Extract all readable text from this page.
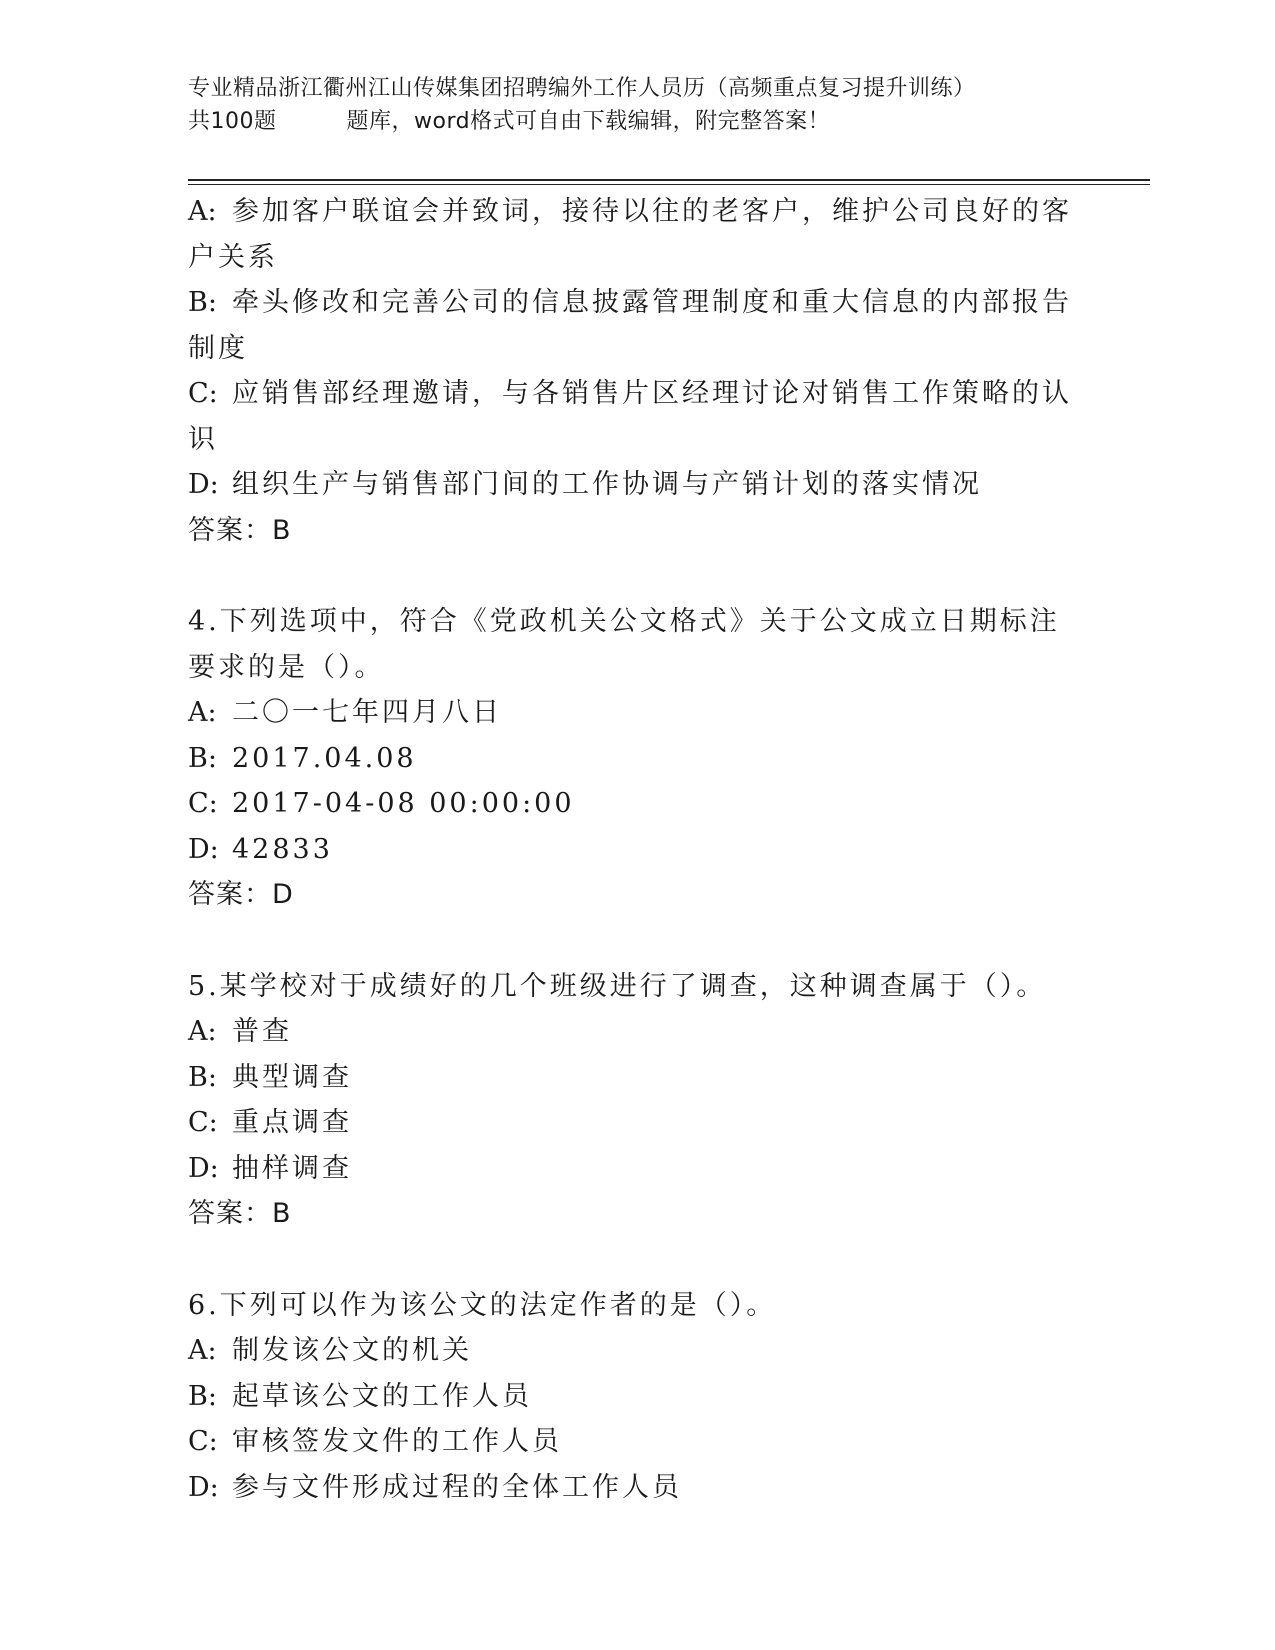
专业精品浙江衢州江山传媒集团招聘编外工作人员历（高频重点复习提升训练）
共100题	题库，word格式可自由下载编辑，附完整答案！
A: 参加客户联谊会并致词，接待以往的老客户，维护公司良好的客户关系
B: 牵头修改和完善公司的信息披露管理制度和重大信息的内部报告制度
C: 应销售部经理邀请，与各销售片区经理讨论对销售工作策略的认识
D: 组织生产与销售部门间的工作协调与产销计划的落实情况
答案：B
4.下列选项中，符合《党政机关公文格式》关于公文成立日期标注要求的是（）。
A: 二〇一七年四月八日
B: 2017.04.08
C: 2017-04-08 00:00:00
D: 42833
答案：D
5.某学校对于成绩好的几个班级进行了调查，这种调查属于（）。
A: 普查
B: 典型调查
C: 重点调查
D: 抽样调查
答案：B
6.下列可以作为该公文的法定作者的是（）。
A: 制发该公文的机关
B: 起草该公文的工作人员
C: 审核签发文件的工作人员
D: 参与文件形成过程的全体工作人员
